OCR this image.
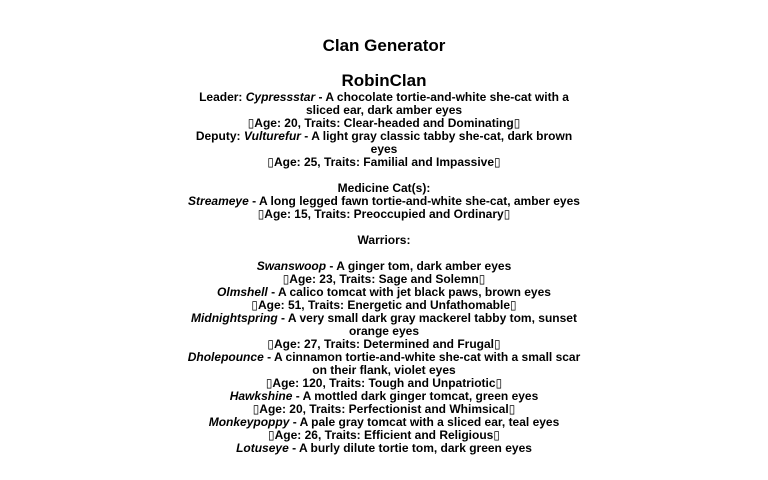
Clan Generator
RobinClan
Leader: Cypressstar - A chocolate tortie-and-white she-cat with a sliced ear, dark amber eyes
▯Age: 20, Traits: Clear-headed and Dominating▯
Deputy: Vulturefur - A light gray classic tabby she-cat, dark brown eyes
▯Age: 25, Traits: Familial and Impassive▯
Medicine Cat(s):
Streameye - A long legged fawn tortie-and-white she-cat, amber eyes
▯Age: 15, Traits: Preoccupied and Ordinary▯
Warriors:
Swanswoop - A ginger tom, dark amber eyes
▯Age: 23, Traits: Sage and Solemn▯
Olmshell - A calico tomcat with jet black paws, brown eyes
▯Age: 51, Traits: Energetic and Unfathomable▯
Midnightspring - A very small dark gray mackerel tabby tom, sunset orange eyes
▯Age: 27, Traits: Determined and Frugal▯
Dholepounce - A cinnamon tortie-and-white she-cat with a small scar on their flank, violet eyes
▯Age: 120, Traits: Tough and Unpatriotic▯
Hawkshine - A mottled dark ginger tomcat, green eyes
▯Age: 20, Traits: Perfectionist and Whimsical▯
Monkeypoppy - A pale gray tomcat with a sliced ear, teal eyes
▯Age: 26, Traits: Efficient and Religious▯
Lotuseye - A burly dilute tortie tom, dark green eyes
